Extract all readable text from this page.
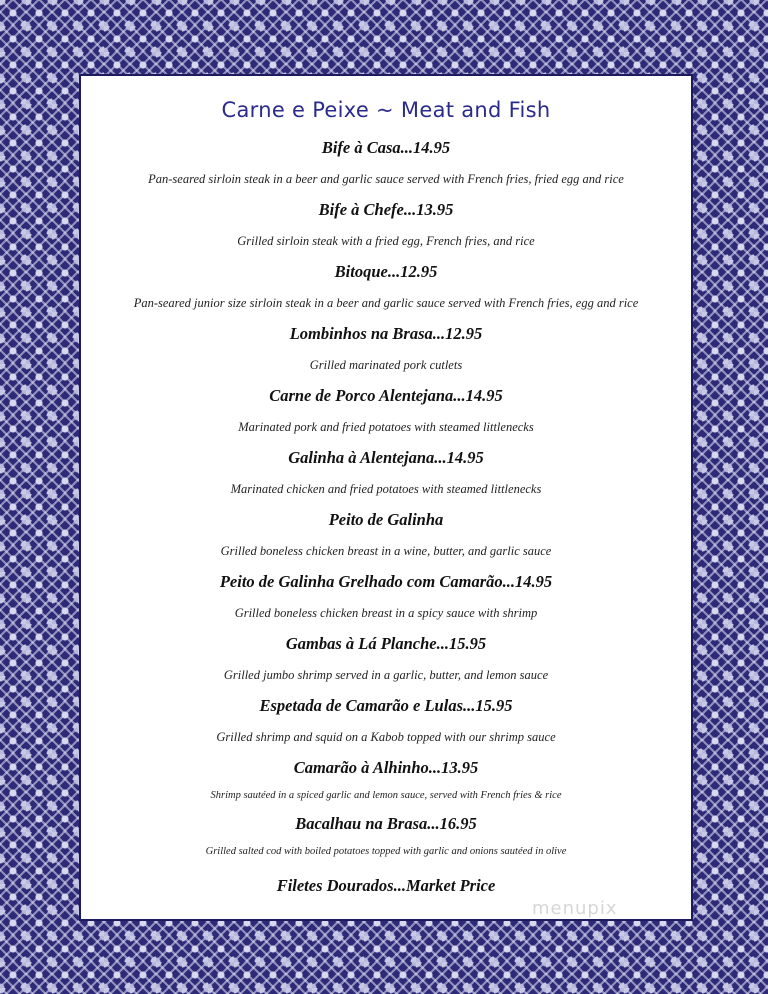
Carne e Peixe ~ Meat and Fish
Bife à Casa...14.95
Pan-seared sirloin steak in a beer and garlic sauce served with French fries, fried egg and rice
Bife à Chefe...13.95
Grilled sirloin steak with a fried egg, French fries, and rice
Bitoque...12.95
Pan-seared junior size sirloin steak in a beer and garlic sauce served with French fries, egg and rice
Lombinhos na Brasa...12.95
Grilled marinated pork cutlets
Carne de Porco Alentejana...14.95
Marinated pork and fried potatoes with steamed littlenecks
Galinha à Alentejana...14.95
Marinated chicken and fried potatoes with steamed littlenecks
Peito de Galinha
Grilled boneless chicken breast in a wine, butter, and garlic sauce
Peito de Galinha Grelhado com Camarão...14.95
Grilled boneless chicken breast in a spicy sauce with shrimp
Gambas à Lá Planche...15.95
Grilled jumbo shrimp served in a garlic, butter, and lemon sauce
Espetada de Camarão e Lulas...15.95
Grilled shrimp and squid on a Kabob topped with our shrimp sauce
Camarão à Alhinho...13.95
Shrimp sautéed in a spiced garlic and lemon sauce, served with French fries & rice
Bacalhau na Brasa...16.95
Grilled salted cod with boiled potatoes topped with garlic and onions sautéed in olive
Filetes Dourados...Market Price
menupix
